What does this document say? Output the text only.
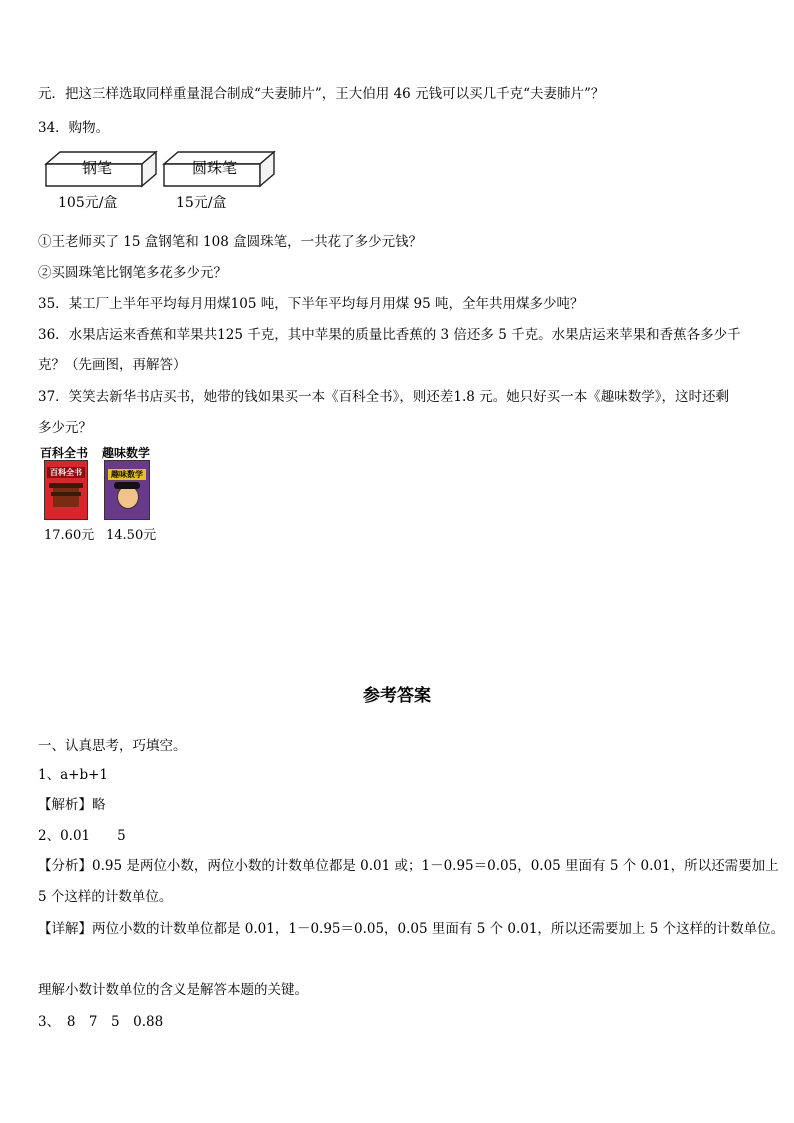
元．把这三样选取同样重量混合制成“夫妻肺片”，王大伯用 46 元钱可以买几千克“夫妻肺片”？
34．购物。
钢笔	圆珠笔
105元/盒	15元/盒
①王老师买了 15 盒钢笔和 108 盒圆珠笔，一共花了多少元钱？
②买圆珠笔比钢笔多花多少元？
35．某工厂上半年平均每月用煤105 吨，下半年平均每月用煤 95 吨，全年共用煤多少吨？
36．水果店运来香蕉和苹果共125 千克，其中苹果的质量比香蕉的 3 倍还多 5 千克。水果店运来苹果和香蕉各多少千
克？（先画图，再解答）
37．笑笑去新华书店买书，她带的钱如果买一本《百科全书》，则还差1.8 元。她只好买一本《趣味数学》，这时还剩
多少元？
百科全书 趣味数学
百科全书	趣味数学
17.60元 14.50元
参考答案
一、认真思考，巧填空。
1、a+b+1
【解析】略
2、0.01　　5
【分析】0.95 是两位小数，两位小数的计数单位都是 0.01 或；1－0.95＝0.05，0.05 里面有 5 个 0.01，所以还需要加上
5 个这样的计数单位。
【详解】两位小数的计数单位都是 0.01，1－0.95＝0.05，0.05 里面有 5 个 0.01，所以还需要加上 5 个这样的计数单位。
理解小数计数单位的含义是解答本题的关键。
3、　8　7　5　0.88
